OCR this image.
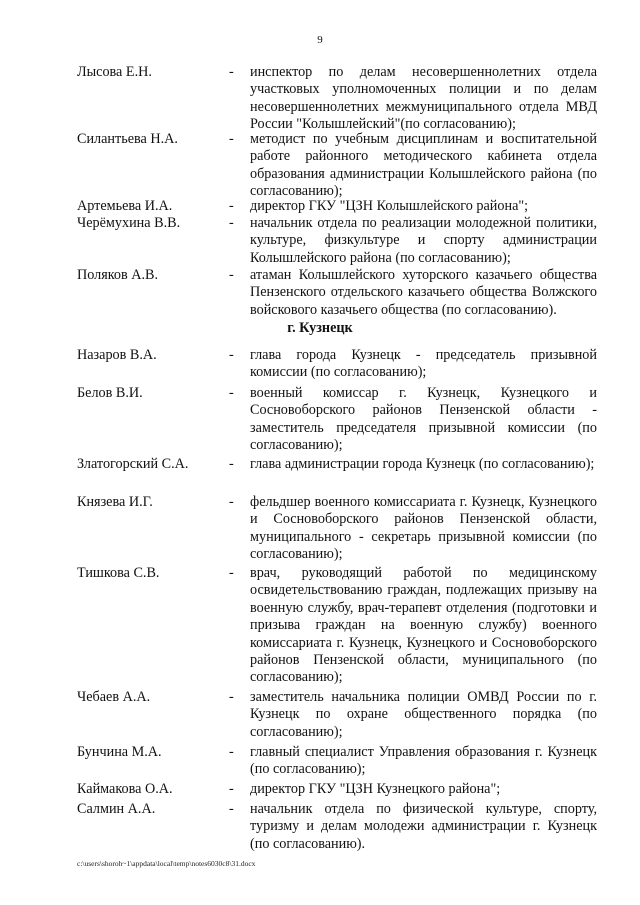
9
Лысова Е.Н.	- инспектор по делам несовершеннолетних отдела участковых уполномоченных полиции и по делам несовершеннолетних межмуниципального отдела МВД России "Колышлейский"(по согласованию);
Силантьева Н.А.	- методист по учебным дисциплинам и воспитательной работе районного методического кабинета отдела образования администрации Колышлейского района (по согласованию);
Артемьева И.А.	- директор ГКУ "ЦЗН Колышлейского района";
Черёмухина В.В.	- начальник отдела по реализации молодежной политики, культуре, физкультуре и спорту администрации Колышлейского района (по согласованию);
Поляков А.В.	- атаман Колышлейского хуторского казачьего общества Пензенского отдельского казачьего общества Волжского войскового казачьего общества (по согласованию).
г. Кузнецк
Назаров В.А.	- глава города Кузнецк - председатель призывной комиссии (по согласованию);
Белов В.И.	- военный комиссар г. Кузнецк, Кузнецкого и Сосновоборского районов Пензенской области - заместитель председателя призывной комиссии (по согласованию);
Златогорский С.А.	- глава администрации города Кузнецк (по согласованию);
Князева И.Г.	- фельдшер военного комиссариата г. Кузнецк, Кузнецкого и Сосновоборского районов Пензенской области, муниципального - секретарь призывной комиссии (по согласованию);
Тишкова С.В.	- врач, руководящий работой по медицинскому освидетельствованию граждан, подлежащих призыву на военную службу, врач-терапевт отделения (подготовки и призыва граждан на военную службу) военного комиссариата г. Кузнецк, Кузнецкого и Сосновоборского районов Пензенской области, муниципального (по согласованию);
Чебаев А.А.	- заместитель начальника полиции ОМВД России по г. Кузнецк по охране общественного порядка (по согласованию);
Бунчина М.А.	- главный специалист Управления образования г. Кузнецк (по согласованию);
Каймакова О.А.	- директор ГКУ "ЦЗН Кузнецкого района";
Салмин А.А.	- начальник отдела по физической культуре, спорту, туризму и делам молодежи администрации г. Кузнецк (по согласованию).
c:\users\shoroh~1\appdata\local\temp\notes6030c8\31.docx
